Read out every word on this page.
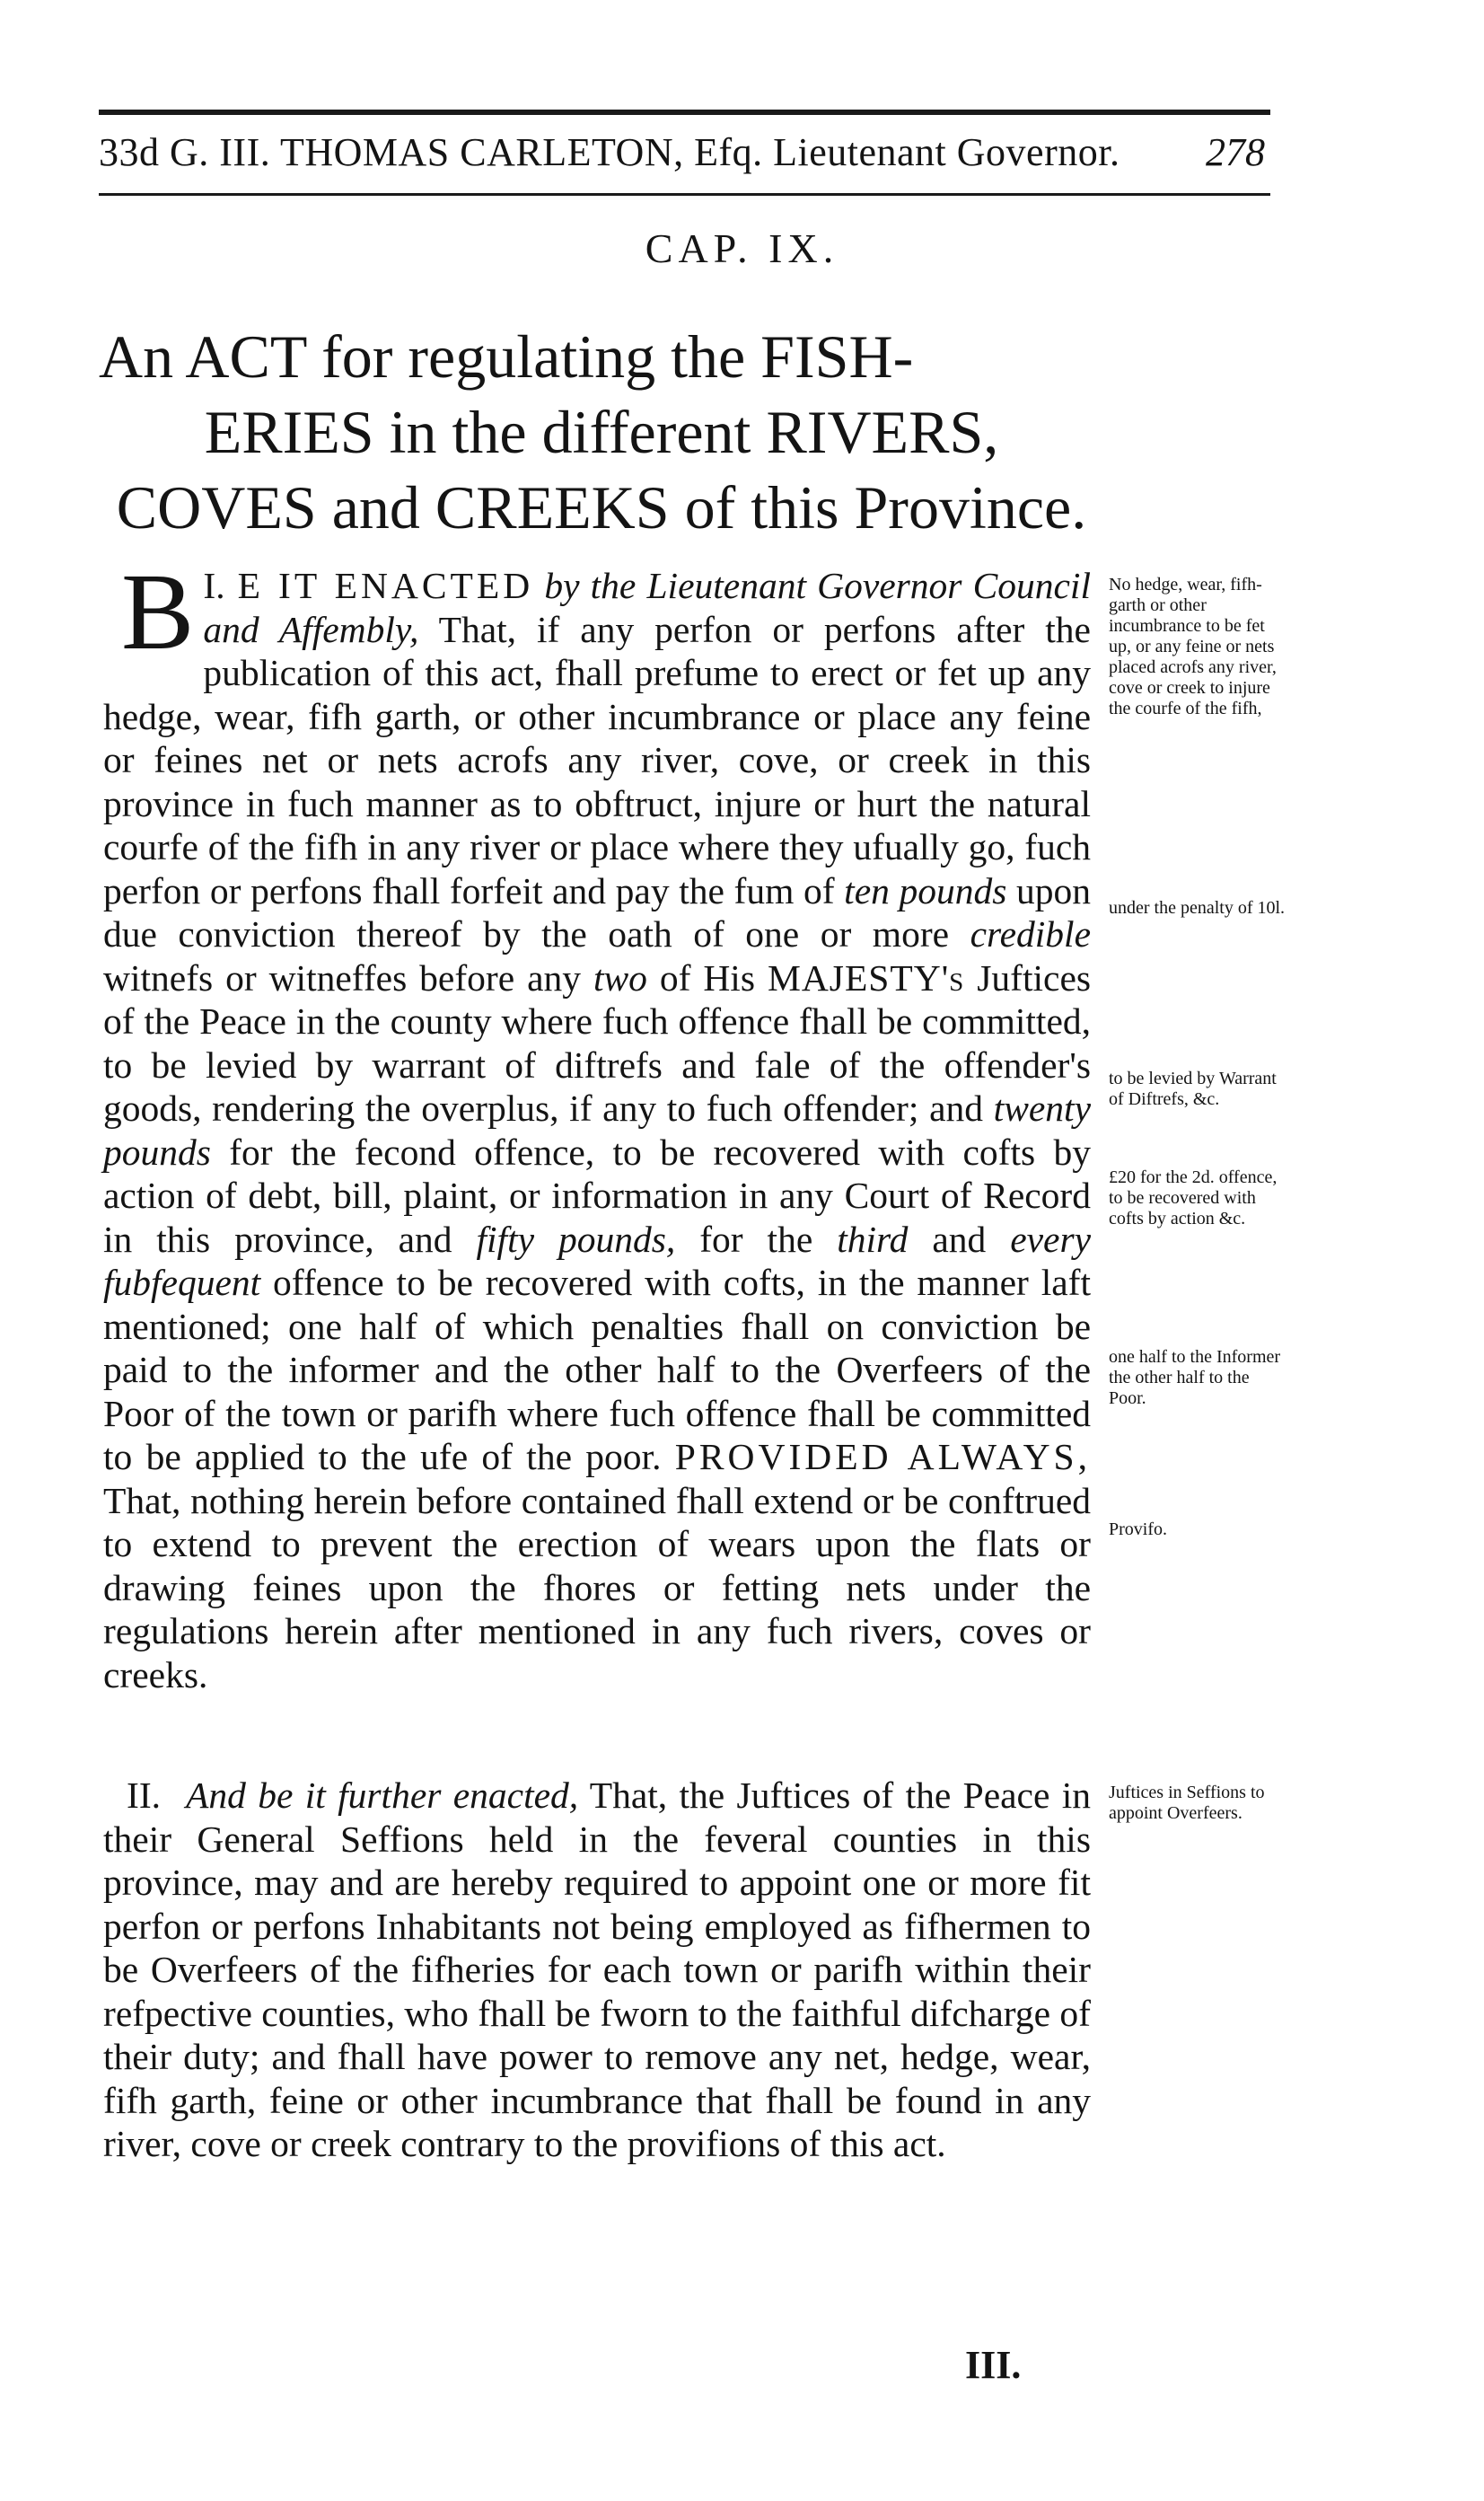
33d G. III. THOMAS CARLETON, Efq. Lieutenant Governor. 278
CAP. IX.
An ACT for regulating the FISH-
ERIES in the different RIVERS,
COVES and CREEKS of this Province.

I.
B E IT ENACTED by the Lieutenant Governor Council and Affembly, That, if any perfon or perfons after the publication of this act, fhall prefume to erect or fet up any hedge, wear, fifh garth, or other incumbrance or place any feine or feines net or nets acrofs any river, cove, or creek in this province in fuch manner as to obftruct, injure or hurt the natural courfe of the fifh in any river or place where they ufually go, fuch perfon or perfons fhall forfeit and pay the fum of ten pounds upon due conviction thereof by the oath of one or more credible witnefs or witneffes before any two of His MAJESTY's Juftices of the Peace in the county where fuch offence fhall be committed, to be levied by warrant of diftrefs and fale of the offender's goods, rendering the overplus, if any to fuch offender; and twenty pounds for the fecond offence, to be recovered with cofts by action of debt, bill, plaint, or information in any Court of Record in this province, and fifty pounds, for the third and every fubfequent offence to be recovered with cofts, in the manner laft mentioned; one half of which penalties fhall on conviction be paid to the informer and the other half to the Overfeers of the Poor of the town or parifh where fuch offence fhall be committed to be applied to the ufe of the poor. PROVIDED ALWAYS, That, nothing herein before contained fhall extend or be conftrued to extend to prevent the erection of wears upon the flats or drawing feines upon the fhores or fetting nets under the regulations herein after mentioned in any fuch rivers, coves or creeks.

II. And be it further enacted, That, the Juftices of the Peace in their General Seffions held in the feveral counties in this province, may and are hereby required to appoint one or more fit perfon or perfons Inhabitants not being employed as fifhermen to be Overfeers of the fifheries for each town or parifh within their refpective counties, who fhall be fworn to the faithful difcharge of their duty; and fhall have power to remove any net, hedge, wear, fifh garth, feine or other incumbrance that fhall be found in any river, cove or creek contrary to the provifions of this act.

III.
No hedge, wear, fifh-garth or other incumbrance to be fet up, or any feine or nets placed acrofs any river, cove or creek to injure the courfe of the fifh,
under the penalty of 10l.
to be levied by Warrant of Diftrefs, &c.
£20 for the 2d. offence, to be recovered with cofts by action &c.
one half to the Informer the other half to the Poor.
Provifo.
Juftices in Seffions to appoint Overfeers.
